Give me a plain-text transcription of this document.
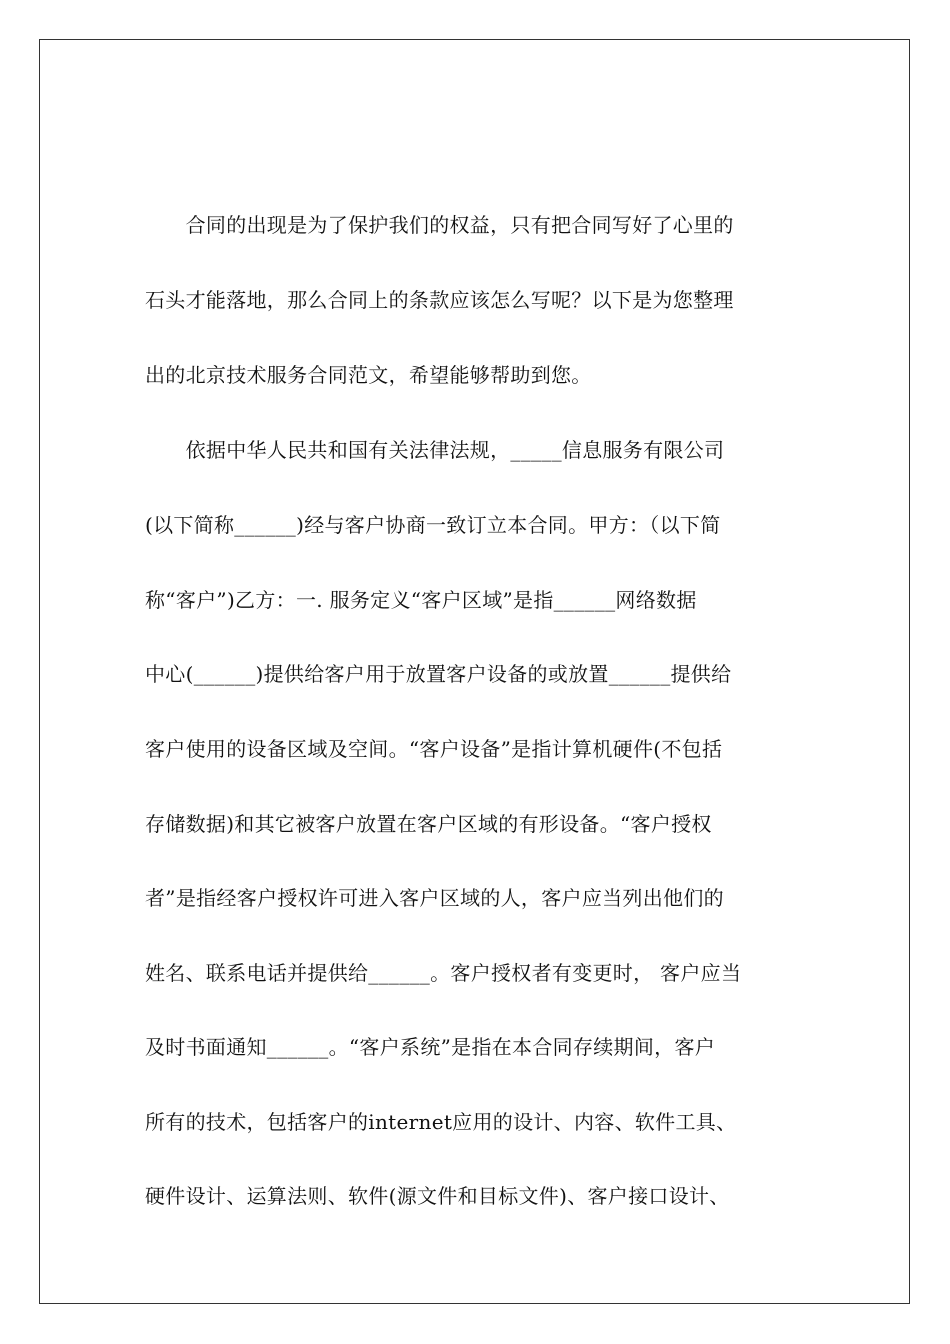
　　合同的出现是为了保护我们的权益，只有把合同写好了心里的
石头才能落地，那么合同上的条款应该怎么写呢？以下是为您整理
出的北京技术服务合同范文，希望能够帮助到您。
　　依据中华人民共和国有关法律法规，_____信息服务有限公司
(以下简称______)经与客户协商一致订立本合同。甲方：（以下简
称“客户”)乙方：一. 服务定义“客户区域”是指______网络数据
中心(______)提供给客户用于放置客户设备的或放置______提供给
客户使用的设备区域及空间。“客户设备”是指计算机硬件(不包括
存储数据)和其它被客户放置在客户区域的有形设备。“客户授权
者”是指经客户授权许可进入客户区域的人，客户应当列出他们的
姓名、联系电话并提供给______。客户授权者有变更时， 客户应当
及时书面通知______。“客户系统”是指在本合同存续期间，客户
所有的技术，包括客户的internet应用的设计、内容、软件工具、
硬件设计、运算法则、软件(源文件和目标文件)、客户接口设计、
